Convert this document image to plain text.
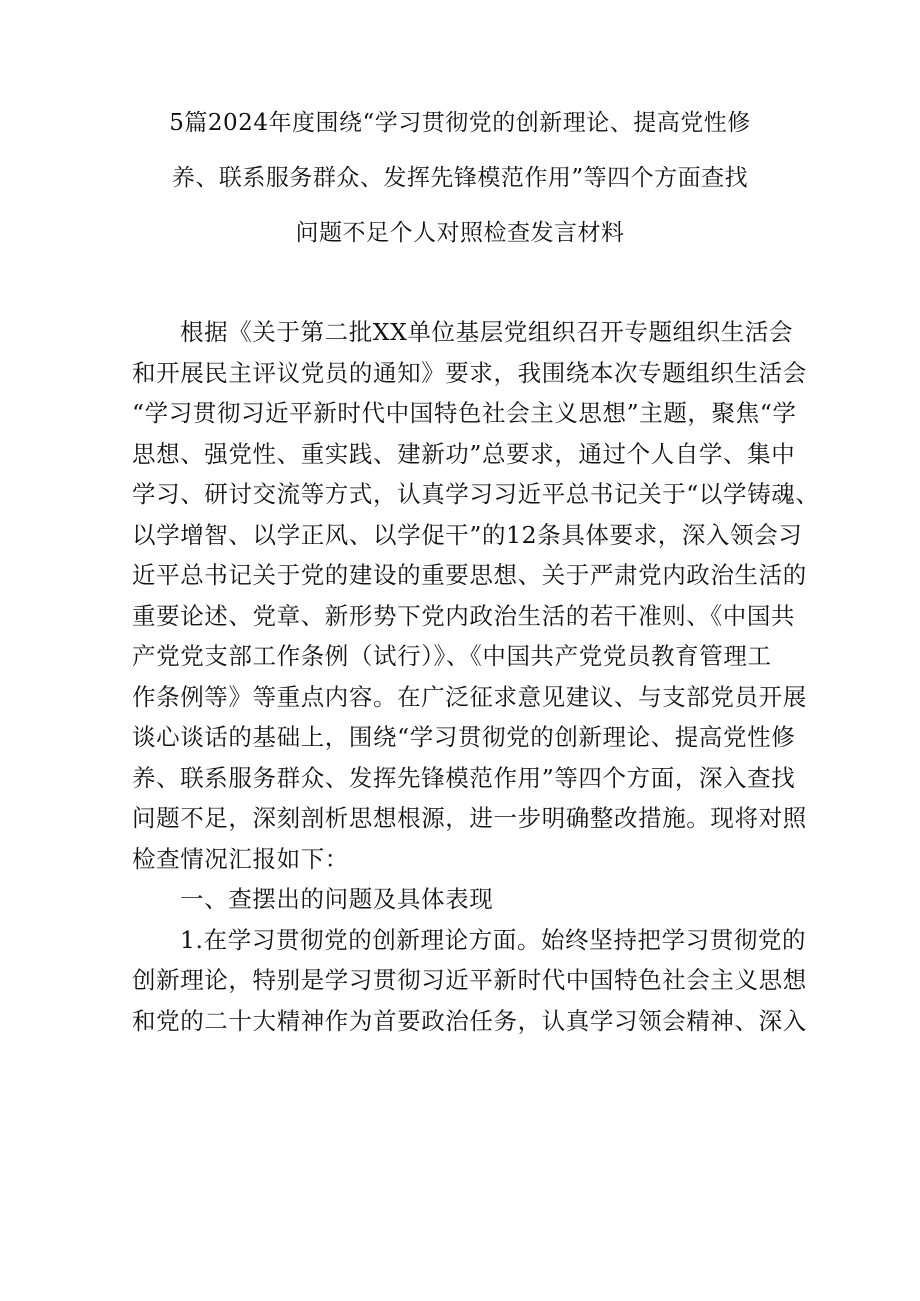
5篇2024年度围绕“学习贯彻党的创新理论、提高党性修
养、联系服务群众、发挥先锋模范作用”等四个方面查找
问题不足个人对照检查发言材料
根据《关于第二批XX单位基层党组织召开专题组织生活会
和开展民主评议党员的通知》要求，我围绕本次专题组织生活会
“学习贯彻习近平新时代中国特色社会主义思想”主题，聚焦“学
思想、强党性、重实践、建新功”总要求，通过个人自学、集中
学习、研讨交流等方式，认真学习习近平总书记关于“以学铸魂、
以学增智、以学正风、以学促干”的12条具体要求，深入领会习
近平总书记关于党的建设的重要思想、关于严肃党内政治生活的
重要论述、党章、新形势下党内政治生活的若干准则、《中国共
产党党支部工作条例（试行）》、《中国共产党党员教育管理工
作条例等》等重点内容。在广泛征求意见建议、与支部党员开展
谈心谈话的基础上，围绕“学习贯彻党的创新理论、提高党性修
养、联系服务群众、发挥先锋模范作用”等四个方面，深入查找
问题不足，深刻剖析思想根源，进一步明确整改措施。现将对照
检查情况汇报如下：
一、查摆出的问题及具体表现
1.在学习贯彻党的创新理论方面。始终坚持把学习贯彻党的
创新理论，特别是学习贯彻习近平新时代中国特色社会主义思想
和党的二十大精神作为首要政治任务，认真学习领会精神、深入
